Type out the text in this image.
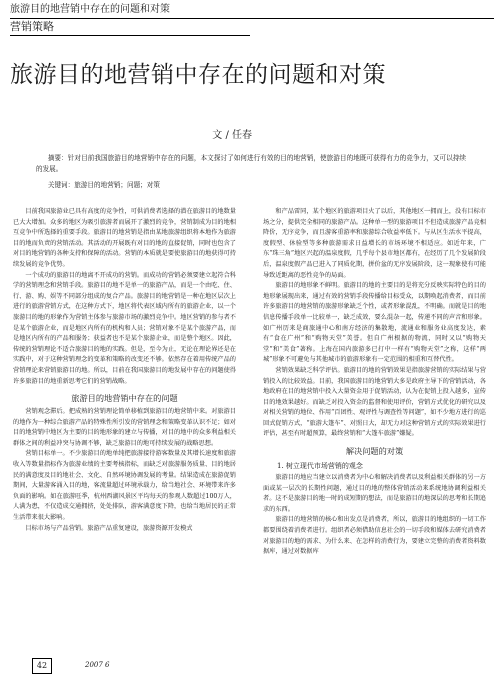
旅游目的地营销中存在的问题和对策
营销策略
旅游目的地营销中存在的问题和对策
文 / 任春

摘要：针对目前我国旅游目的地营销中存在的问题，本文探讨了如何进行有效的目的地营销，使旅游目的地既可获得有力的竞争力，又可以持续的发展。

关键词：旅游目的地营销；问题；对策

目前我国旅游业已具有高度的竞争性，可供消费者选择的潜在旅游目的地数量已大大增加。众多的地区为吸引旅游者而展开了激烈的竞争，营销制成为目的地相互竞争中所选择的重要手段。旅游目的地营销是指由某地旅游组织将本地作为旅游目的地而负责的营销活动。其活动的开展既有对目的地的直接促销，同时也包含了对目的地营销的各种支持和保障的活动。营销的本质就是要使旅游目的地获得可持续发展的竞争优势。

一个成功的旅游目的地离不开成功的营销。而成功的营销必须要建立起符合科学的营销理念和营销手段。旅游目的地不是单一的旅游产品，而是一个由吃、住、行、游、购、娱等不同部分组成的复合产品。旅游目的地营销是一种在地区层次上进行的旅游营销方式，在这种方式下，地区将代表区域内所有的旅游企业，以一个旅游目的地的形象作为营销主体参与旅游市场的激烈竞争中。地区营销的参与者不是某个旅游企业，而是地区内所有的机构和人员；营销对象不是某个旅游产品，而是地区内所有的产品和服务；获益者也不是某个旅游企业，而是整个地区。因此，传统的营销理论不适合旅游目的地的实践。但是，至今为止，无论在理论界还是在实践中，对于这种营销理念的变革和策略的改变还不够。依然存在着用传统产品的营销理论来营销旅游目的地。所以，目前在我国旅游目的地发展中存在的问题使得许多旅游目的地重新思考它们的营销战略。

旅游目的地营销中存在的问题

营销观念滞后。把成熟的营销理论简单移植到旅游目的地营销中来。对旅游目的地作为一种综合旅游产品的特殊性所引发的营销理念和策略变革认识不足；如对目的地营销中地区为主要的目的地形象的建立与传播，对目的地中的众多利益相关群体之间的利益冲突与协调不够，缺乏旅游目的地可持续发展的战略思想。

营销目标单一。不少旅游目的地单纯把旅游接待游客数量及其增长速度和旅游收入等数量指标作为旅游业绩的主要考核指标，而缺乏对旅游服务质量、目的地居民的满意度及目的地社会、文化、自然环境协调发展的考量。结果造成在旅游促销期间，大量游客涌入目的地，客流量超过环境承载力，给当地社会、环境带来许多负面的影响。如在旅游旺季，杭州西湖风景区平均每天的参观人数超过100万人，人满为患，不仅造成交通拥挤，处处排队，游客满意度下降，也给当地居民的正常生活带来很大影响。

目标市场与产品营销。旅游产品重复建设，旅游资源开发模式

和产品雷同，某个地区的旅游项目火了以后，其他地区一拥而上，没有目标市场之分，提供完全相同的旅游产品。这种单一型的旅游项目不但造成旅游产品竞相降价，无序竞争，而且游客重游率和旅游综合收益率低下。与从区生活水平提高，度假型、休验型等多种旅游需求日益增长的市场环境不相适应。如近年来，广东“珠三角”地区兴起的温泉度假，几乎每个县市地区都有，在经历了几个发展阶段后，温泉度假产品已进入了同质化期，拼价盆的无序发展阶段，这一现象使有可能导致近距离的恶性竞争的局面。

旅游目的地形象不鲜明。旅游目的地的主要目的是将充分反映实际特色的目的地形象展现出来，通过有效的营销手段传播给目标受众，以期唤起消费者，而目前许多旅游目的地营销的旅游形象缺乏个性，或者形象混乱，不明确。而就是目的地信息传播手段单一比较单一，缺乏成效，要么混杂一起，传递不同的声音和形象。如广州历来是商旅通中心和南方经济的集散地，流通业和服务业高度发达，素有“食在广州”和“购物天堂”美誉。但自广州根据的物流，同时又以“购物天堂”和“美食”著称。上海在国内旅游多已打中一样有“购物天堂”之称，这样“两城”形象不可避免与其他城市的旅游形象有一定范围的相重和互替代性。

营销效果缺乏科学评估。旅游目的地的营销效果是指旅游营销的实际结果与营销投入的比较效益。目前，我国旅游目的地营销大多是政府主导下的营销活动，各地政府在目的地营销中投入大量资金用于促销活动，认为在促销上投入越多，宣传目的地效果越好。而缺乏对投入资金的监督和使用评价，营销方式优化的研究以及对相关营销的地位、作用“百团性、观评性与调查性等问题”，如不少地方进行的巡回式促销方式，“旅游大篷车”、对照日大，却无力对这种营销方式的实际效果进行评估，甚至有时超预算，最终营销和“大篷车旅游”嫌疑。

解决问题的对策
1. 树立现代市场营销的观念

旅游目的地应当建立以消费者为中心和解决消费者以及利益相关群体的另一方面或某一层次的长期性问题，通过目的地的整体营销活动来系统地协调利益相关者。这不是旅游目的地一时的成短期的想法，而是旅游目的地深层的思考和长期追求的东西。

旅游目的地营销的核心和出发点是消费者，所以，旅游目的地组织的一切工作都要围绕着消费者进行。组织者必须借助信息社会的一切手段和媒体去研究消费者对旅游目的地的需求、为什么来、在怎样的消费行为，要建立完整的消费者资料数据库，通过对数据库

42	2007 6
